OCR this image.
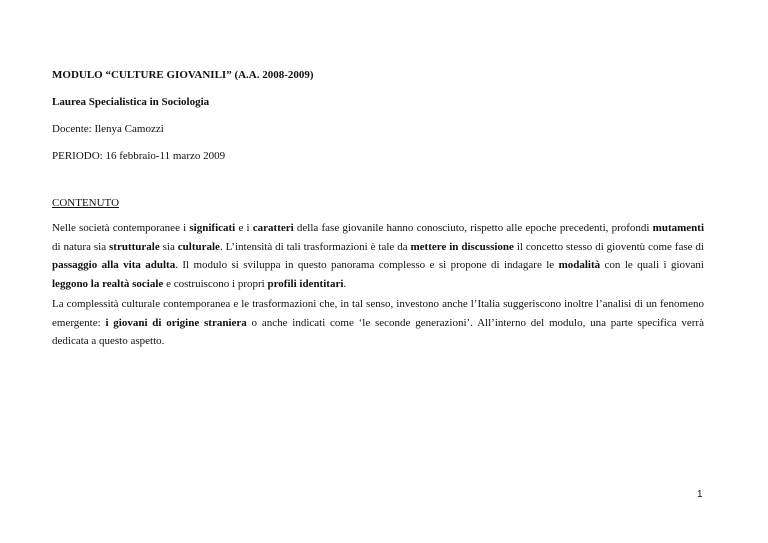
MODULO “CULTURE GIOVANILI” (A.A. 2008-2009)
Laurea Specialistica in Sociologia
Docente: Ilenya Camozzi
PERIODO: 16 febbraio-11 marzo 2009
CONTENUTO
Nelle società contemporanee i significati e i caratteri della fase giovanile hanno conosciuto, rispetto alle epoche precedenti, profondi mutamenti di natura sia strutturale sia culturale. L’intensità di tali trasformazioni è tale da mettere in discussione il concetto stesso di gioventù come fase di passaggio alla vita adulta. Il modulo si sviluppa in questo panorama complesso e si propone di indagare le modalità con le quali i giovani leggono la realtà sociale e costruiscono i propri profili identitari.
La complessità culturale contemporanea e le trasformazioni che, in tal senso, investono anche l’Italia suggeriscono inoltre l’analisi di un fenomeno emergente: i giovani di origine straniera o anche indicati come ‘le seconde generazioni’. All’interno del modulo, una parte specifica verrà dedicata a questo aspetto.
1
